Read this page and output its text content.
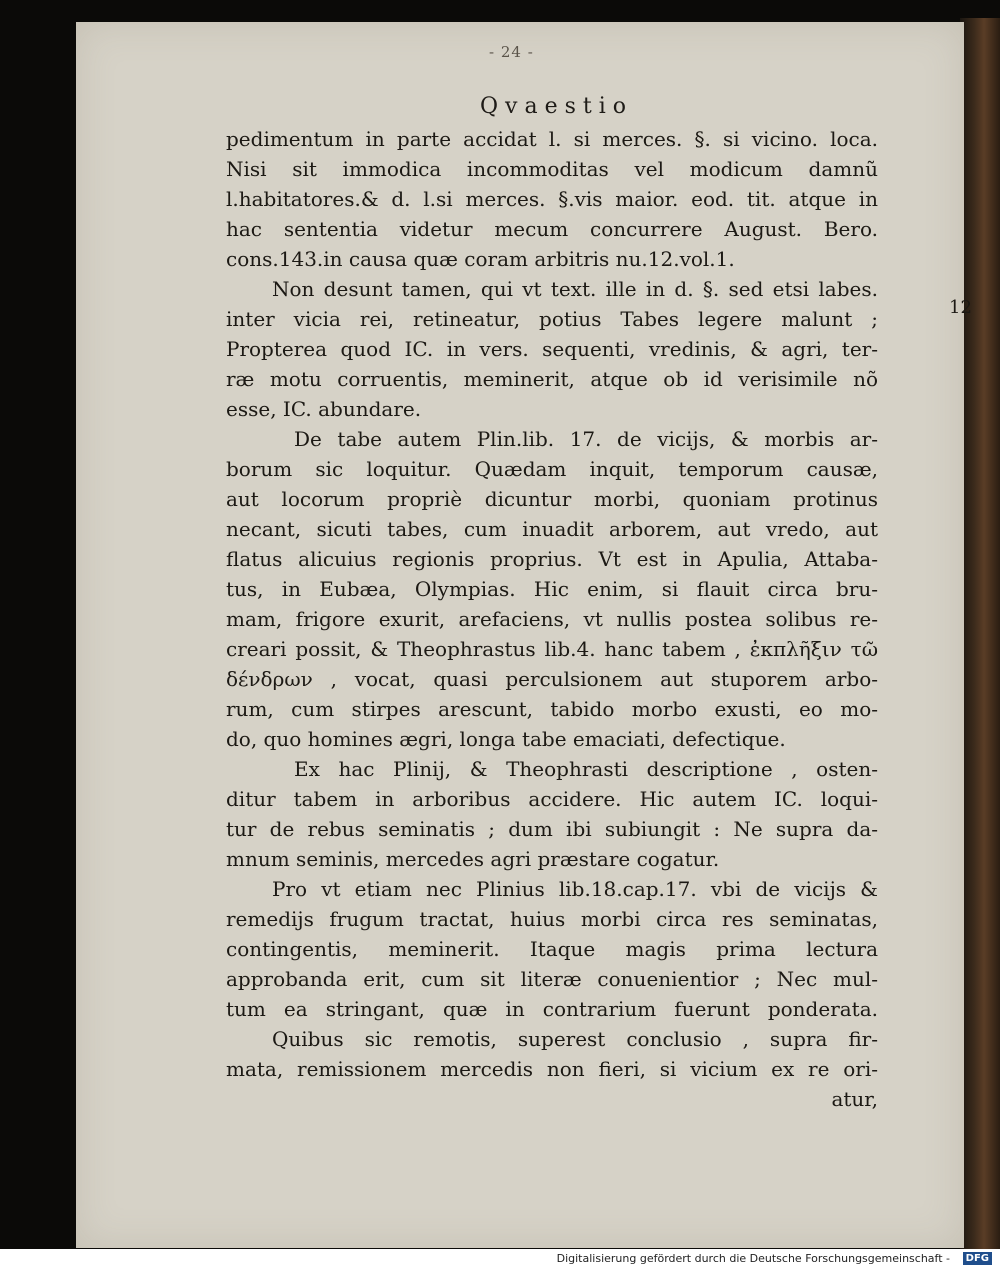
- 24 -
Qvaestio
12
pedimentum in parte accidat l. si merces. §. si vicino. loca.
Nisi sit immodica incommoditas vel modicum damnũ
l.habitatores.& d. l.si merces. §.vis maior. eod. tit. atque in
hac sententia videtur mecum concurrere August. Bero.
cons.143.in causa quæ coram arbitris nu.12.vol.1.
Non desunt tamen, qui vt text. ille in d. §. sed etsi labes.
inter vicia rei, retineatur, potius Tabes legere malunt ;
Propterea quod IC. in vers. sequenti, vredinis, & agri, ter-
ræ motu corruentis, meminerit, atque ob id verisimile nõ
esse, IC. abundare.
De tabe autem Plin.lib. 17. de vicijs, & morbis ar-
borum sic loquitur. Quædam inquit, temporum causæ,
aut locorum propriè dicuntur morbi, quoniam protinus
necant, sicuti tabes, cum inuadit arborem, aut vredo, aut
flatus alicuius regionis proprius. Vt est in Apulia, Attaba-
tus, in Eubæa, Olympias. Hic enim, si flauit circa bru-
mam, frigore exurit, arefaciens, vt nullis postea solibus re-
creari possit, & Theophrastus lib.4. hanc tabem , ἐκπλῆξιν τῶ
δένδρων , vocat, quasi perculsionem aut stuporem arbo-
rum, cum stirpes arescunt, tabido morbo exusti, eo mo-
do, quo homines ægri, longa tabe emaciati, defectique.
Ex hac Plinij, & Theophrasti descriptione , osten-
ditur tabem in arboribus accidere. Hic autem IC. loqui-
tur de rebus seminatis ; dum ibi subiungit : Ne supra da-
mnum seminis, mercedes agri præstare cogatur.
Pro vt etiam nec Plinius lib.18.cap.17. vbi de vicijs &
remedijs frugum tractat, huius morbi circa res seminatas,
contingentis, meminerit. Itaque magis prima lectura
approbanda erit, cum sit literæ conuenientior ; Nec mul-
tum ea stringant, quæ in contrarium fuerunt ponderata.
Quibus sic remotis, superest conclusio , supra fir-
mata, remissionem mercedis non fieri, si vicium ex re ori-
atur,
Digitalisierung gefördert durch die Deutsche Forschungsgemeinschaft -	DFG
